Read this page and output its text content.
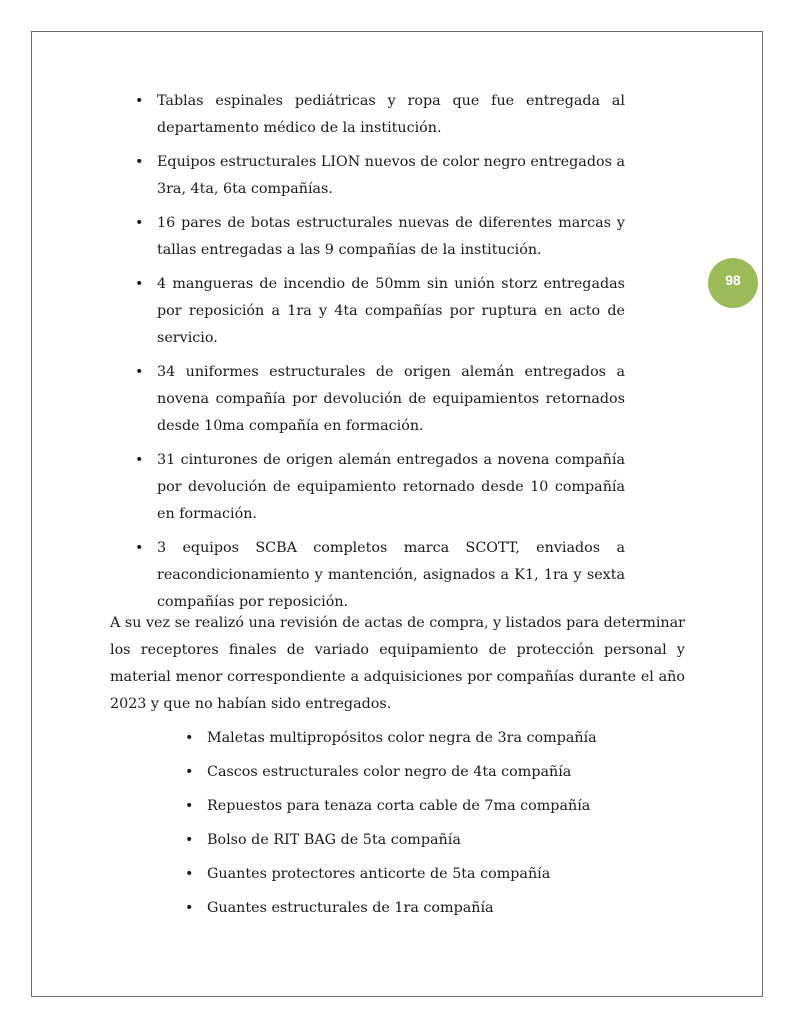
98
• Tablas espinales pediátricas y ropa que fue entregada al departamento médico de la institución.
• Equipos estructurales LION nuevos de color negro entregados a 3ra, 4ta, 6ta compañías.
• 16 pares de botas estructurales nuevas de diferentes marcas y tallas entregadas a las 9 compañías de la institución.
• 4 mangueras de incendio de 50mm sin unión storz entregadas por reposición a 1ra y 4ta compañías por ruptura en acto de servicio.
• 34 uniformes estructurales de origen alemán entregados a novena compañía por devolución de equipamientos retornados desde 10ma compañía en formación.
• 31 cinturones de origen alemán entregados a novena compañía por devolución de equipamiento retornado desde 10 compañía en formación.
• 3 equipos SCBA completos marca SCOTT, enviados a reacondicionamiento y mantención, asignados a K1, 1ra y sexta compañías por reposición.

A su vez se realizó una revisión de actas de compra, y listados para determinar los receptores finales de variado equipamiento de protección personal y material menor correspondiente a adquisiciones por compañías durante el año 2023 y que no habían sido entregados.

• Maletas multipropósitos color negra de 3ra compañía
• Cascos estructurales color negro de 4ta compañía
• Repuestos para tenaza corta cable de 7ma compañía
• Bolso de RIT BAG de 5ta compañía
• Guantes protectores anticorte de 5ta compañía
• Guantes estructurales de 1ra compañía
